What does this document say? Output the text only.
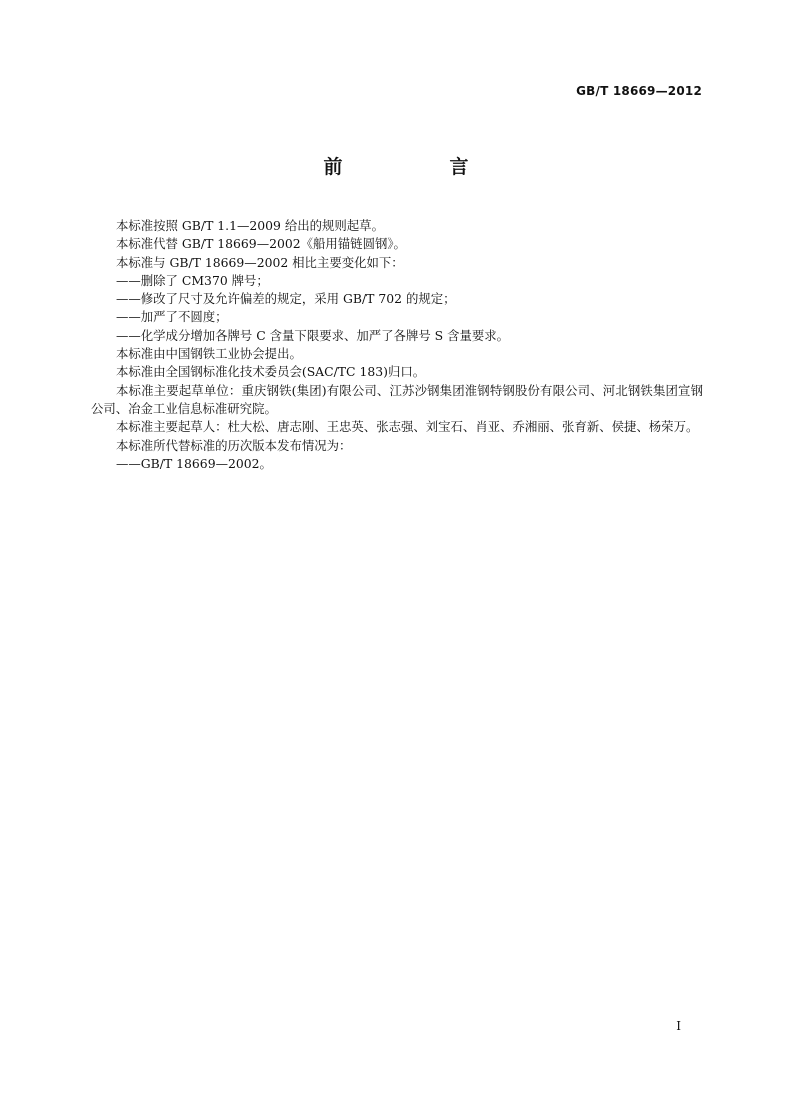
GB/T 18669—2012
前　言

本标准按照 GB/T 1.1—2009 给出的规则起草。

本标准代替 GB/T 18669—2002《船用锚链圆钢》。

本标准与 GB/T 18669—2002 相比主要变化如下：

——删除了 CM370 牌号；

——修改了尺寸及允许偏差的规定，采用 GB/T 702 的规定；

——加严了不圆度；

——化学成分增加各牌号 C 含量下限要求、加严了各牌号 S 含量要求。

本标准由中国钢铁工业协会提出。

本标准由全国钢标准化技术委员会(SAC/TC 183)归口。

本标准主要起草单位：重庆钢铁(集团)有限公司、江苏沙钢集团淮钢特钢股份有限公司、河北钢铁集团宣钢公司、冶金工业信息标准研究院。

本标准主要起草人：杜大松、唐志刚、王忠英、张志强、刘宝石、肖亚、乔湘丽、张育新、侯捷、杨荣万。

本标准所代替标准的历次版本发布情况为：

——GB/T 18669—2002。

I
